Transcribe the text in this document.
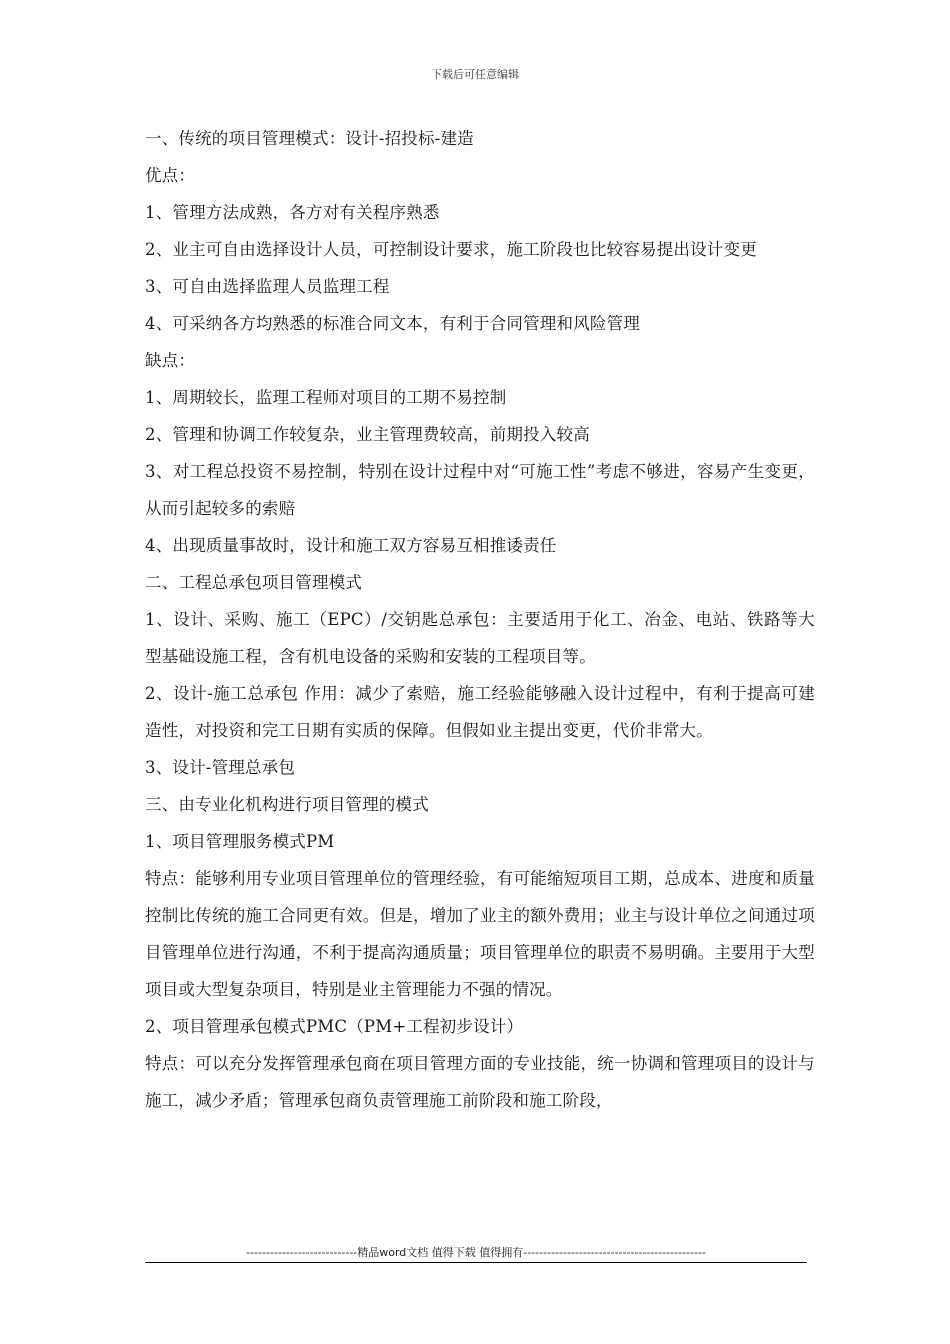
下载后可任意编辑
一、传统的项目管理模式：设计-招投标-建造
优点：
1、管理方法成熟，各方对有关程序熟悉
2、业主可自由选择设计人员，可控制设计要求，施工阶段也比较容易提出设计变更
3、可自由选择监理人员监理工程
4、可采纳各方均熟悉的标准合同文本，有利于合同管理和风险管理
缺点：
1、周期较长，监理工程师对项目的工期不易控制
2、管理和协调工作较复杂，业主管理费较高，前期投入较高
3、对工程总投资不易控制，特别在设计过程中对“可施工性”考虑不够进，容易产生变更，从而引起较多的索赔
4、出现质量事故时，设计和施工双方容易互相推诿责任
二、工程总承包项目管理模式
1、设计、采购、施工（EPC）/交钥匙总承包：主要适用于化工、冶金、电站、铁路等大型基础设施工程，含有机电设备的采购和安装的工程项目等。
2、设计-施工总承包 作用：减少了索赔，施工经验能够融入设计过程中，有利于提高可建造性，对投资和完工日期有实质的保障。但假如业主提出变更，代价非常大。
3、设计-管理总承包
三、由专业化机构进行项目管理的模式
1、项目管理服务模式PM
特点：能够利用专业项目管理单位的管理经验，有可能缩短项目工期，总成本、进度和质量控制比传统的施工合同更有效。但是，增加了业主的额外费用；业主与设计单位之间通过项目管理单位进行沟通，不利于提高沟通质量；项目管理单位的职责不易明确。主要用于大型项目或大型复杂项目，特别是业主管理能力不强的情况。
2、项目管理承包模式PMC（PM+工程初步设计）
特点：可以充分发挥管理承包商在项目管理方面的专业技能，统一协调和管理项目的设计与施工，减少矛盾；管理承包商负责管理施工前阶段和施工阶段，
----------------------------精品word文档 值得下载 值得拥有----------------------------------------------
